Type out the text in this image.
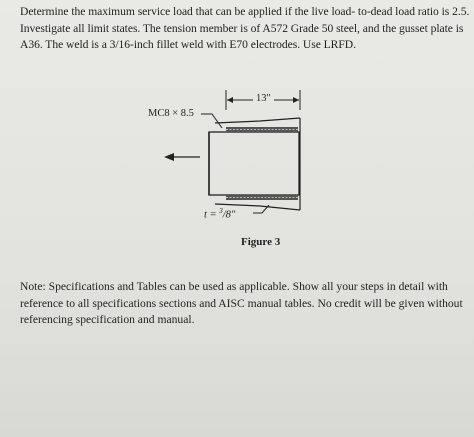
Determine the maximum service load that can be applied if the live load- to-dead load ratio is 2.5.
Investigate all limit states. The tension member is of A572 Grade 50 steel, and the gusset plate is
A36. The weld is a 3/16-inch fillet weld with E70 electrodes. Use LRFD.

13"
MC8 × 8.5
t = $^3$/8"
Figure 3

Note: Specifications and Tables can be used as applicable. Show all your steps in detail with
reference to all specifications sections and AISC manual tables. No credit will be given without
referencing specification and manual.
